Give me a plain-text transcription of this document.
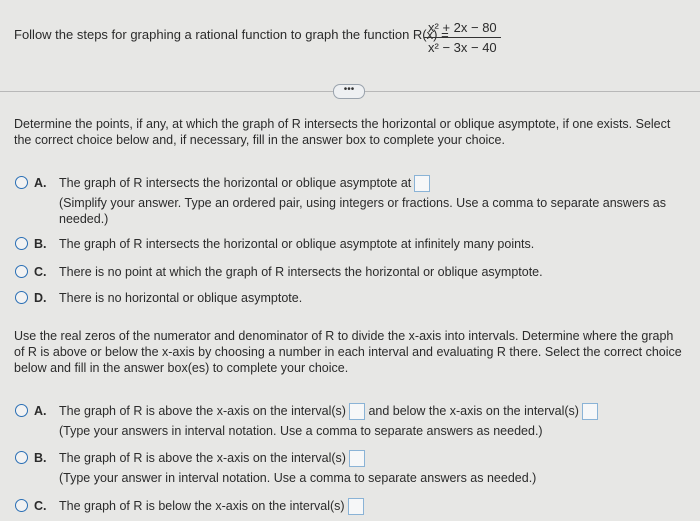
Follow the steps for graphing a rational function to graph the function R(x) =
$\frac{\text{x² + 2x − 80}}{\text{x² − 3x − 40}}$
•••
Determine the points, if any, at which the graph of R intersects the horizontal or oblique asymptote, if one exists. Select the correct choice below and, if necessary, fill in the answer box to complete your choice.
A. The graph of R intersects the horizontal or oblique asymptote at
(Simplify your answer. Type an ordered pair, using integers or fractions. Use a comma to separate answers as needed.)
B. The graph of R intersects the horizontal or oblique asymptote at infinitely many points.
C. There is no point at which the graph of R intersects the horizontal or oblique asymptote.
D. There is no horizontal or oblique asymptote.
Use the real zeros of the numerator and denominator of R to divide the x-axis into intervals. Determine where the graph of R is above or below the x-axis by choosing a number in each interval and evaluating R there. Select the correct choice below and fill in the answer box(es) to complete your choice.
A. The graph of R is above the x-axis on the interval(s) and below the x-axis on the interval(s)
(Type your answers in interval notation. Use a comma to separate answers as needed.)
B. The graph of R is above the x-axis on the interval(s)
(Type your answer in interval notation. Use a comma to separate answers as needed.)
C. The graph of R is below the x-axis on the interval(s)
